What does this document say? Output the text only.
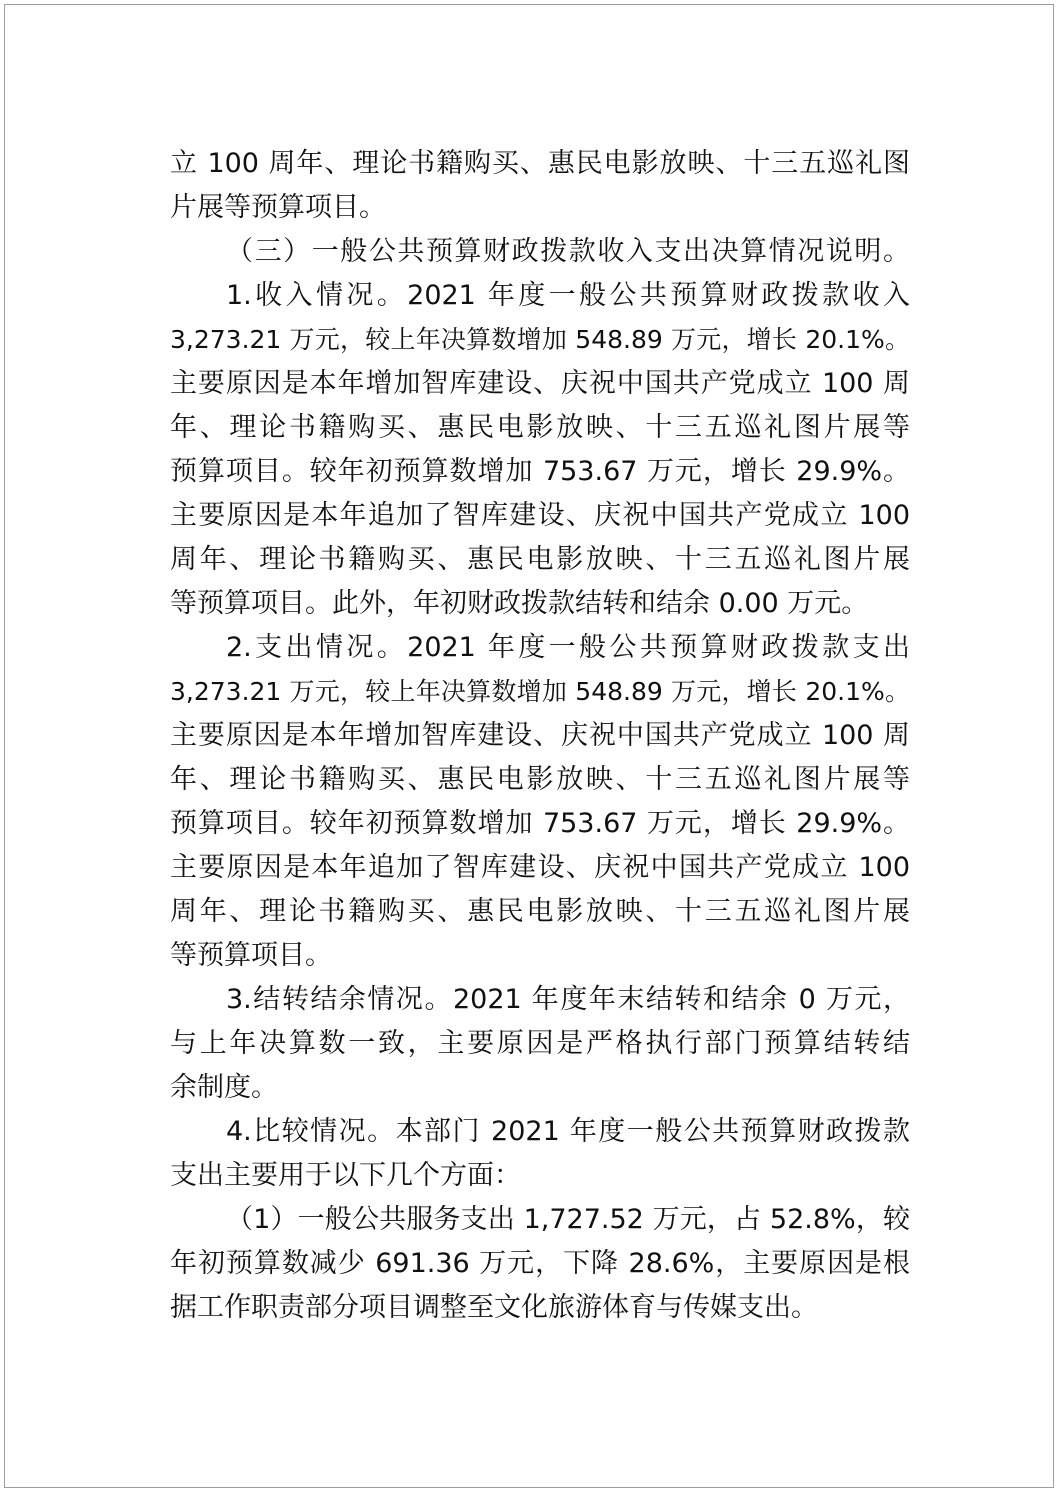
立 100 周年、理论书籍购买、惠民电影放映、十三五巡礼图
片展等预算项目。
（三）一般公共预算财政拨款收入支出决算情况说明。
1.收入情况。2021 年度一般公共预算财政拨款收入
3,273.21 万元，较上年决算数增加 548.89 万元，增长 20.1%。
主要原因是本年增加智库建设、庆祝中国共产党成立 100 周
年、理论书籍购买、惠民电影放映、十三五巡礼图片展等
预算项目。较年初预算数增加 753.67 万元，增长 29.9%。
主要原因是本年追加了智库建设、庆祝中国共产党成立 100
周年、理论书籍购买、惠民电影放映、十三五巡礼图片展
等预算项目。此外，年初财政拨款结转和结余 0.00 万元。
2.支出情况。2021 年度一般公共预算财政拨款支出
3,273.21 万元，较上年决算数增加 548.89 万元，增长 20.1%。
主要原因是本年增加智库建设、庆祝中国共产党成立 100 周
年、理论书籍购买、惠民电影放映、十三五巡礼图片展等
预算项目。较年初预算数增加 753.67 万元，增长 29.9%。
主要原因是本年追加了智库建设、庆祝中国共产党成立 100
周年、理论书籍购买、惠民电影放映、十三五巡礼图片展
等预算项目。
3.结转结余情况。2021 年度年末结转和结余 0 万元，
与上年决算数一致，主要原因是严格执行部门预算结转结
余制度。
4.比较情况。本部门 2021 年度一般公共预算财政拨款
支出主要用于以下几个方面：
（1）一般公共服务支出 1,727.52 万元，占 52.8%，较
年初预算数减少 691.36 万元，下降 28.6%，主要原因是根
据工作职责部分项目调整至文化旅游体育与传媒支出。
